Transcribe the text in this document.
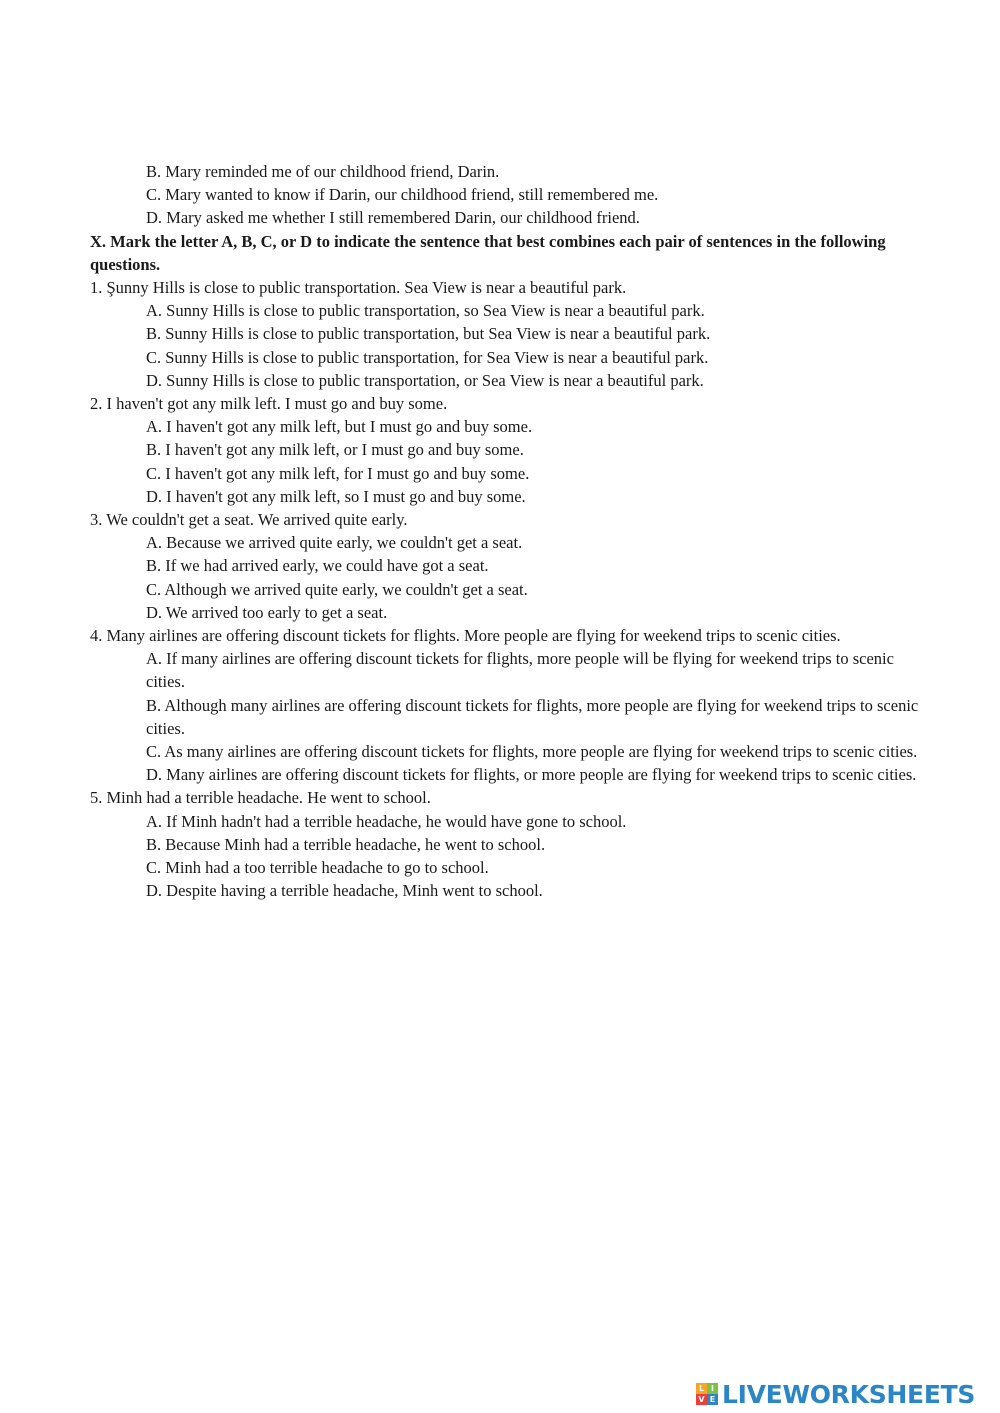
B. Mary reminded me of our childhood friend, Darin.
C. Mary wanted to know if Darin, our childhood friend, still remembered me.
D. Mary asked me whether I still remembered Darin, our childhood friend.
X. Mark the letter A, B, C, or D to indicate the sentence that best combines each pair of sentences in the following questions.
1. Şunny Hills is close to public transportation. Sea View is near a beautiful park.
A. Sunny Hills is close to public transportation, so Sea View is near a beautiful park.
B. Sunny Hills is close to public transportation, but Sea View is near a beautiful park.
C. Sunny Hills is close to public transportation, for Sea View is near a beautiful park.
D. Sunny Hills is close to public transportation, or Sea View is near a beautiful park.
2. I haven't got any milk left. I must go and buy some.
A. I haven't got any milk left, but I must go and buy some.
B. I haven't got any milk left, or I must go and buy some.
C. I haven't got any milk left, for I must go and buy some.
D. I haven't got any milk left, so I must go and buy some.
3. We couldn't get a seat. We arrived quite early.
A. Because we arrived quite early, we couldn't get a seat.
B. If we had arrived early, we could have got a seat.
C. Although we arrived quite early, we couldn't get a seat.
D. We arrived too early to get a seat.
4. Many airlines are offering discount tickets for flights. More people are flying for weekend trips to scenic cities.
A. If many airlines are offering discount tickets for flights, more people will be flying for weekend trips to scenic cities.
B. Although many airlines are offering discount tickets for flights, more people are flying for weekend trips to scenic cities.
C. As many airlines are offering discount tickets for flights, more people are flying for weekend trips to scenic cities.
D. Many airlines are offering discount tickets for flights, or more people are flying for weekend trips to scenic cities.
5. Minh had a terrible headache. He went to school.
A. If Minh hadn't had a terrible headache, he would have gone to school.
B. Because Minh had a terrible headache, he went to school.
C. Minh had a too terrible headache to go to school.
D. Despite having a terrible headache, Minh went to school.
L I
V E LIVEWORKSHEETS
